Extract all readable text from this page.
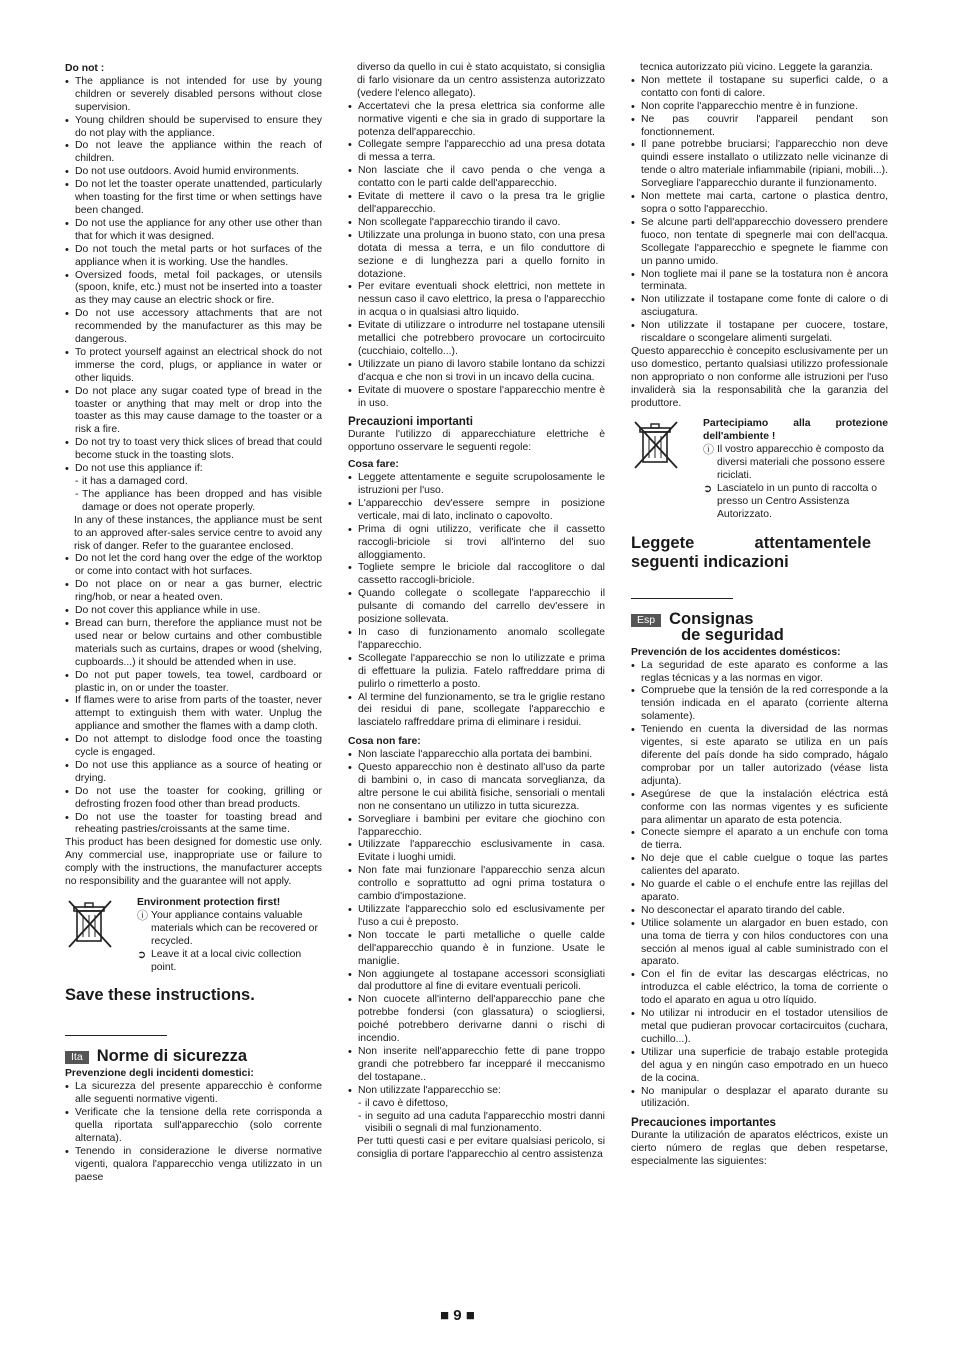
Do not :

• The appliance is not intended for use by young children or severely disabled persons without close supervision.
• Young children should be supervised to ensure they do not play with the appliance.
• Do not leave the appliance within the reach of children.
• Do not use outdoors. Avoid humid environments.
• Do not let the toaster operate unattended, particularly when toasting for the first time or when settings have been changed.
• Do not use the appliance for any other use other than that for which it was designed.
• Do not touch the metal parts or hot surfaces of the appliance when it is working. Use the handles.
• Oversized foods, metal foil packages, or utensils (spoon, knife, etc.) must not be inserted into a toaster as they may cause an electric shock or fire.
• Do not use accessory attachments that are not recommended by the manufacturer as this may be dangerous.
• To protect yourself against an electrical shock do not immerse the cord, plugs, or appliance in water or other liquids.
• Do not place any sugar coated type of bread in the toaster or anything that may melt or drop into the toaster as this may cause damage to the toaster or a risk a fire.
• Do not try to toast very thick slices of bread that could become stuck in the toasting slots.
• Do not use this appliance if:
- it has a damaged cord.
- The appliance has been dropped and has visible damage or does not operate properly.

In any of these instances, the appliance must be sent to an approved after-sales service centre to avoid any risk of danger. Refer to the guarantee enclosed.

• Do not let the cord hang over the edge of the worktop or come into contact with hot surfaces.
• Do not place on or near a gas burner, electric ring/hob, or near a heated oven.
• Do not cover this appliance while in use.
• Bread can burn, therefore the appliance must not be used near or below curtains and other combustible materials such as curtains, drapes or wood (shelving, cupboards...) it should be attended when in use.
• Do not put paper towels, tea towel, cardboard or plastic in, on or under the toaster.
• If flames were to arise from parts of the toaster, never attempt to extinguish them with water. Unplug the appliance and smother the flames with a damp cloth.
• Do not attempt to dislodge food once the toasting cycle is engaged.
• Do not use this appliance as a source of heating or drying.
• Do not use the toaster for cooking, grilling or defrosting frozen food other than bread products.
• Do not use the toaster for toasting bread and reheating pastries/croissants at the same time.

This product has been designed for domestic use only. Any commercial use, inappropriate use or failure to comply with the instructions, the manufacturer accepts no responsibility and the guarantee will not apply.

Environment protection first!

ⓘ Your appliance contains valuable materials which can be recovered or recycled.
➲ Leave it at a local civic collection point.

Save these instructions.

Ita Norme di sicurezza

Prevenzione degli incidenti domestici:

• La sicurezza del presente apparecchio è conforme alle seguenti normative vigenti.
• Verificate che la tensione della rete corrisponda a quella riportata sull'apparecchio (solo corrente alternata).
• Tenendo in considerazione le diverse normative vigenti, qualora l'apparecchio venga utilizzato in un paese

diverso da quello in cui è stato acquistato, si consiglia di farlo visionare da un centro assistenza autorizzato (vedere l'elenco allegato).

• Accertatevi che la presa elettrica sia conforme alle normative vigenti e che sia in grado di supportare la potenza dell'apparecchio.
• Collegate sempre l'apparecchio ad una presa dotata di messa a terra.
• Non lasciate che il cavo penda o che venga a contatto con le parti calde dell'apparecchio.
• Evitate di mettere il cavo o la presa tra le griglie dell'apparecchio.
• Non scollegate l'apparecchio tirando il cavo.
• Utilizzate una prolunga in buono stato, con una presa dotata di messa a terra, e un filo conduttore di sezione e di lunghezza pari a quello fornito in dotazione.
• Per evitare eventuali shock elettrici, non mettete in nessun caso il cavo elettrico, la presa o l'apparecchio in acqua o in qualsiasi altro liquido.
• Evitate di utilizzare o introdurre nel tostapane utensili metallici che potrebbero provocare un cortocircuito (cucchiaio, coltello...).
• Utilizzate un piano di lavoro stabile lontano da schizzi d'acqua e che non si trovi in un incavo della cucina.
• Evitate di muovere o spostare l'apparecchio mentre è in uso.

Precauzioni importanti

Durante l'utilizzo di apparecchiature elettriche è opportuno osservare le seguenti regole:

Cosa fare:

• Leggete attentamente e seguite scrupolosamente le istruzioni per l'uso.
• L'apparecchio dev'essere sempre in posizione verticale, mai di lato, inclinato o capovolto.
• Prima di ogni utilizzo, verificate che il cassetto raccogli-briciole si trovi all'interno del suo alloggiamento.
• Togliete sempre le briciole dal raccoglitore o dal cassetto raccogli-briciole.
• Quando collegate o scollegate l'apparecchio il pulsante di comando del carrello dev'essere in posizione sollevata.
• In caso di funzionamento anomalo scollegate l'apparecchio.
• Scollegate l'apparecchio se non lo utilizzate e prima di effettuare la pulizia. Fatelo raffreddare prima di pulirlo o rimetterlo a posto.
• Al termine del funzionamento, se tra le griglie restano dei residui di pane, scollegate l'apparecchio e lasciatelo raffreddare prima di eliminare i residui.

Cosa non fare:

• Non lasciate l'apparecchio alla portata dei bambini.
• Questo apparecchio non è destinato all'uso da parte di bambini o, in caso di mancata sorveglianza, da altre persone le cui abilità fisiche, sensoriali o mentali non ne consentano un utilizzo in tutta sicurezza.
• Sorvegliare i bambini per evitare che giochino con l'apparecchio.
• Utilizzate l'apparecchio esclusivamente in casa. Evitate i luoghi umidi.
• Non fate mai funzionare l'apparecchio senza alcun controllo e soprattutto ad ogni prima tostatura o cambio d'impostazione.
• Utilizzate l'apparecchio solo ed esclusivamente per l'uso a cui è preposto.
• Non toccate le parti metalliche o quelle calde dell'apparecchio quando è in funzione. Usate le maniglie.
• Non aggiungete al tostapane accessori sconsigliati dal produttore al fine di evitare eventuali pericoli.
• Non cuocete all'interno dell'apparecchio pane che potrebbe fondersi (con glassatura) o sciogliersi, poiché potrebbero derivarne danni o rischi di incendio.
• Non inserite nell'apparecchio fette di pane troppo grandi che potrebbero far incepparé il meccanismo del tostapane..
• Non utilizzate l'apparecchio se:
- il cavo è difettoso,
- in seguito ad una caduta l'apparecchio mostri danni visibili o segnali di mal funzionamento.

Per tutti questi casi e per evitare qualsiasi pericolo, si consiglia di portare l'apparecchio al centro assistenza

tecnica autorizzato più vicino. Leggete la garanzia.

• Non mettete il tostapane su superfici calde, o a contatto con fonti di calore.
• Non coprite l'apparecchio mentre è in funzione.
• Ne pas couvrir l'appareil pendant son fonctionnement.
• Il pane potrebbe bruciarsi; l'apparecchio non deve quindi essere installato o utilizzato nelle vicinanze di tende o altro materiale infiammabile (ripiani, mobili...). Sorvegliare l'apparecchio durante il funzionamento.
• Non mettete mai carta, cartone o plastica dentro, sopra o sotto l'apparecchio.
• Se alcune parti dell'apparecchio dovessero prendere fuoco, non tentate di spegnerle mai con dell'acqua. Scollegate l'apparecchio e spegnete le fiamme con un panno umido.
• Non togliete mai il pane se la tostatura non è ancora terminata.
• Non utilizzate il tostapane come fonte di calore o di asciugatura.
• Non utilizzate il tostapane per cuocere, tostare, riscaldare o scongelare alimenti surgelati.

Questo apparecchio è concepito esclusivamente per un uso domestico, pertanto qualsiasi utilizzo professionale non appropriato o non conforme alle istruzioni per l'uso invaliderà sia la responsabilità che la garanzia del produttore.

Partecipiamo alla protezione dell'ambiente !

ⓘ Il vostro apparecchio è composto da diversi materiali che possono essere riciclati.
➲ Lasciatelo in un punto di raccolta o presso un Centro Assistenza Autorizzato.

Leggete attentamentele seguenti indicazioni

Esp Consignas
de seguridad

Prevención de los accidentes domésticos:

• La seguridad de este aparato es conforme a las reglas técnicas y a las normas en vigor.
• Compruebe que la tensión de la red corresponde a la tensión indicada en el aparato (corriente alterna solamente).
• Teniendo en cuenta la diversidad de las normas vigentes, si este aparato se utiliza en un país diferente del país donde ha sido comprado, hágalo comprobar por un taller autorizado (véase lista adjunta).
• Asegúrese de que la instalación eléctrica está conforme con las normas vigentes y es suficiente para alimentar un aparato de esta potencia.
• Conecte siempre el aparato a un enchufe con toma de tierra.
• No deje que el cable cuelgue o toque las partes calientes del aparato.
• No guarde el cable o el enchufe entre las rejillas del aparato.
• No desconectar el aparato tirando del cable.
• Utilice solamente un alargador en buen estado, con una toma de tierra y con hilos conductores con una sección al menos igual al cable suministrado con el aparato.
• Con el fin de evitar las descargas eléctricas, no introduzca el cable eléctrico, la toma de corriente o todo el aparato en agua u otro líquido.
• No utilizar ni introducir en el tostador utensilios de metal que pudieran provocar cortacircuitos (cuchara, cuchillo...).
• Utilizar una superficie de trabajo estable protegida del agua y en ningún caso empotrado en un hueco de la cocina.
• No manipular o desplazar el aparato durante su utilización.

Precauciones importantes

Durante la utilización de aparatos eléctricos, existe un cierto número de reglas que deben respetarse, especialmente las siguientes:

■ 9 ■
